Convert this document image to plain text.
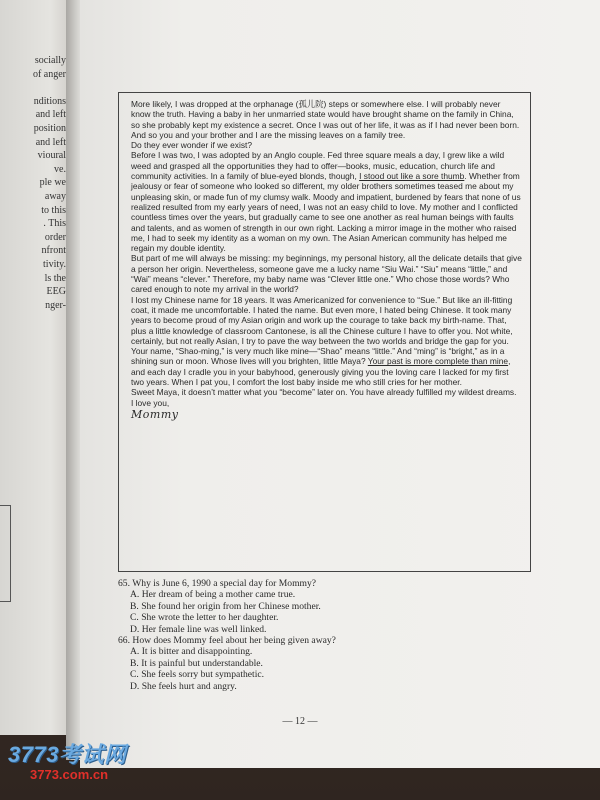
socially
of anger

nditions
and left
position
and left
vioural
ve.
ple we
away
to this
. This
order
nfront
tivity.
ls the
EEG
nger-

More likely, I was dropped at the orphanage (孤儿院) steps or somewhere else. I will probably never know the truth. Having a baby in her unmarried state would have brought shame on the family in China, so she probably kept my existence a secret. Once I was out of her life, it was as if I had never been born. And so you and your brother and I are the missing leaves on a family tree.

Do they ever wonder if we exist?

Before I was two, I was adopted by an Anglo couple. Fed three square meals a day, I grew like a wild weed and grasped all the opportunities they had to offer—books, music, education, church life and community activities. In a family of blue-eyed blonds, though, I stood out like a sore thumb. Whether from jealousy or fear of someone who looked so different, my older brothers sometimes teased me about my unpleasing skin, or made fun of my clumsy walk. Moody and impatient, burdened by fears that none of us realized resulted from my early years of need, I was not an easy child to love. My mother and I conflicted countless times over the years, but gradually came to see one another as real human beings with faults and talents, and as women of strength in our own right. Lacking a mirror image in the mother who raised me, I had to seek my identity as a woman on my own. The Asian American community has helped me regain my double identity.

But part of me will always be missing: my beginnings, my personal history, all the delicate details that give a person her origin. Nevertheless, someone gave me a lucky name “Siu Wai.” “Siu” means “little,” and “Wai” means “clever.” Therefore, my baby name was “Clever little one.” Who chose those words? Who cared enough to note my arrival in the world?

I lost my Chinese name for 18 years. It was Americanized for convenience to “Sue.” But like an ill-fitting coat, it made me uncomfortable. I hated the name. But even more, I hated being Chinese. It took many years to become proud of my Asian origin and work up the courage to take back my birth-name. That, plus a little knowledge of classroom Cantonese, is all the Chinese culture I have to offer you. Not white, certainly, but not really Asian, I try to pave the way between the two worlds and bridge the gap for you. Your name, “Shao-ming,” is very much like mine—“Shao” means “little.” And “ming” is “bright,” as in a shining sun or moon. Whose lives will you brighten, little Maya? Your past is more complete than mine, and each day I cradle you in your babyhood, generously giving you the loving care I lacked for my first two years. When I pat you, I comfort the lost baby inside me who still cries for her mother.

Sweet Maya, it doesn’t matter what you “become” later on. You have already fulfilled my wildest dreams.

I love you,

Mommy

65. Why is June 6, 1990 a special day for Mommy?

A. Her dream of being a mother came true.

B. She found her origin from her Chinese mother.

C. She wrote the letter to her daughter.

D. Her female line was well linked.

66. How does Mommy feel about her being given away?

A. It is bitter and disappointing.

B. It is painful but understandable.

C. She feels sorry but sympathetic.

D. She feels hurt and angry.

— 12 —
3773考试网
3773.com.cn
